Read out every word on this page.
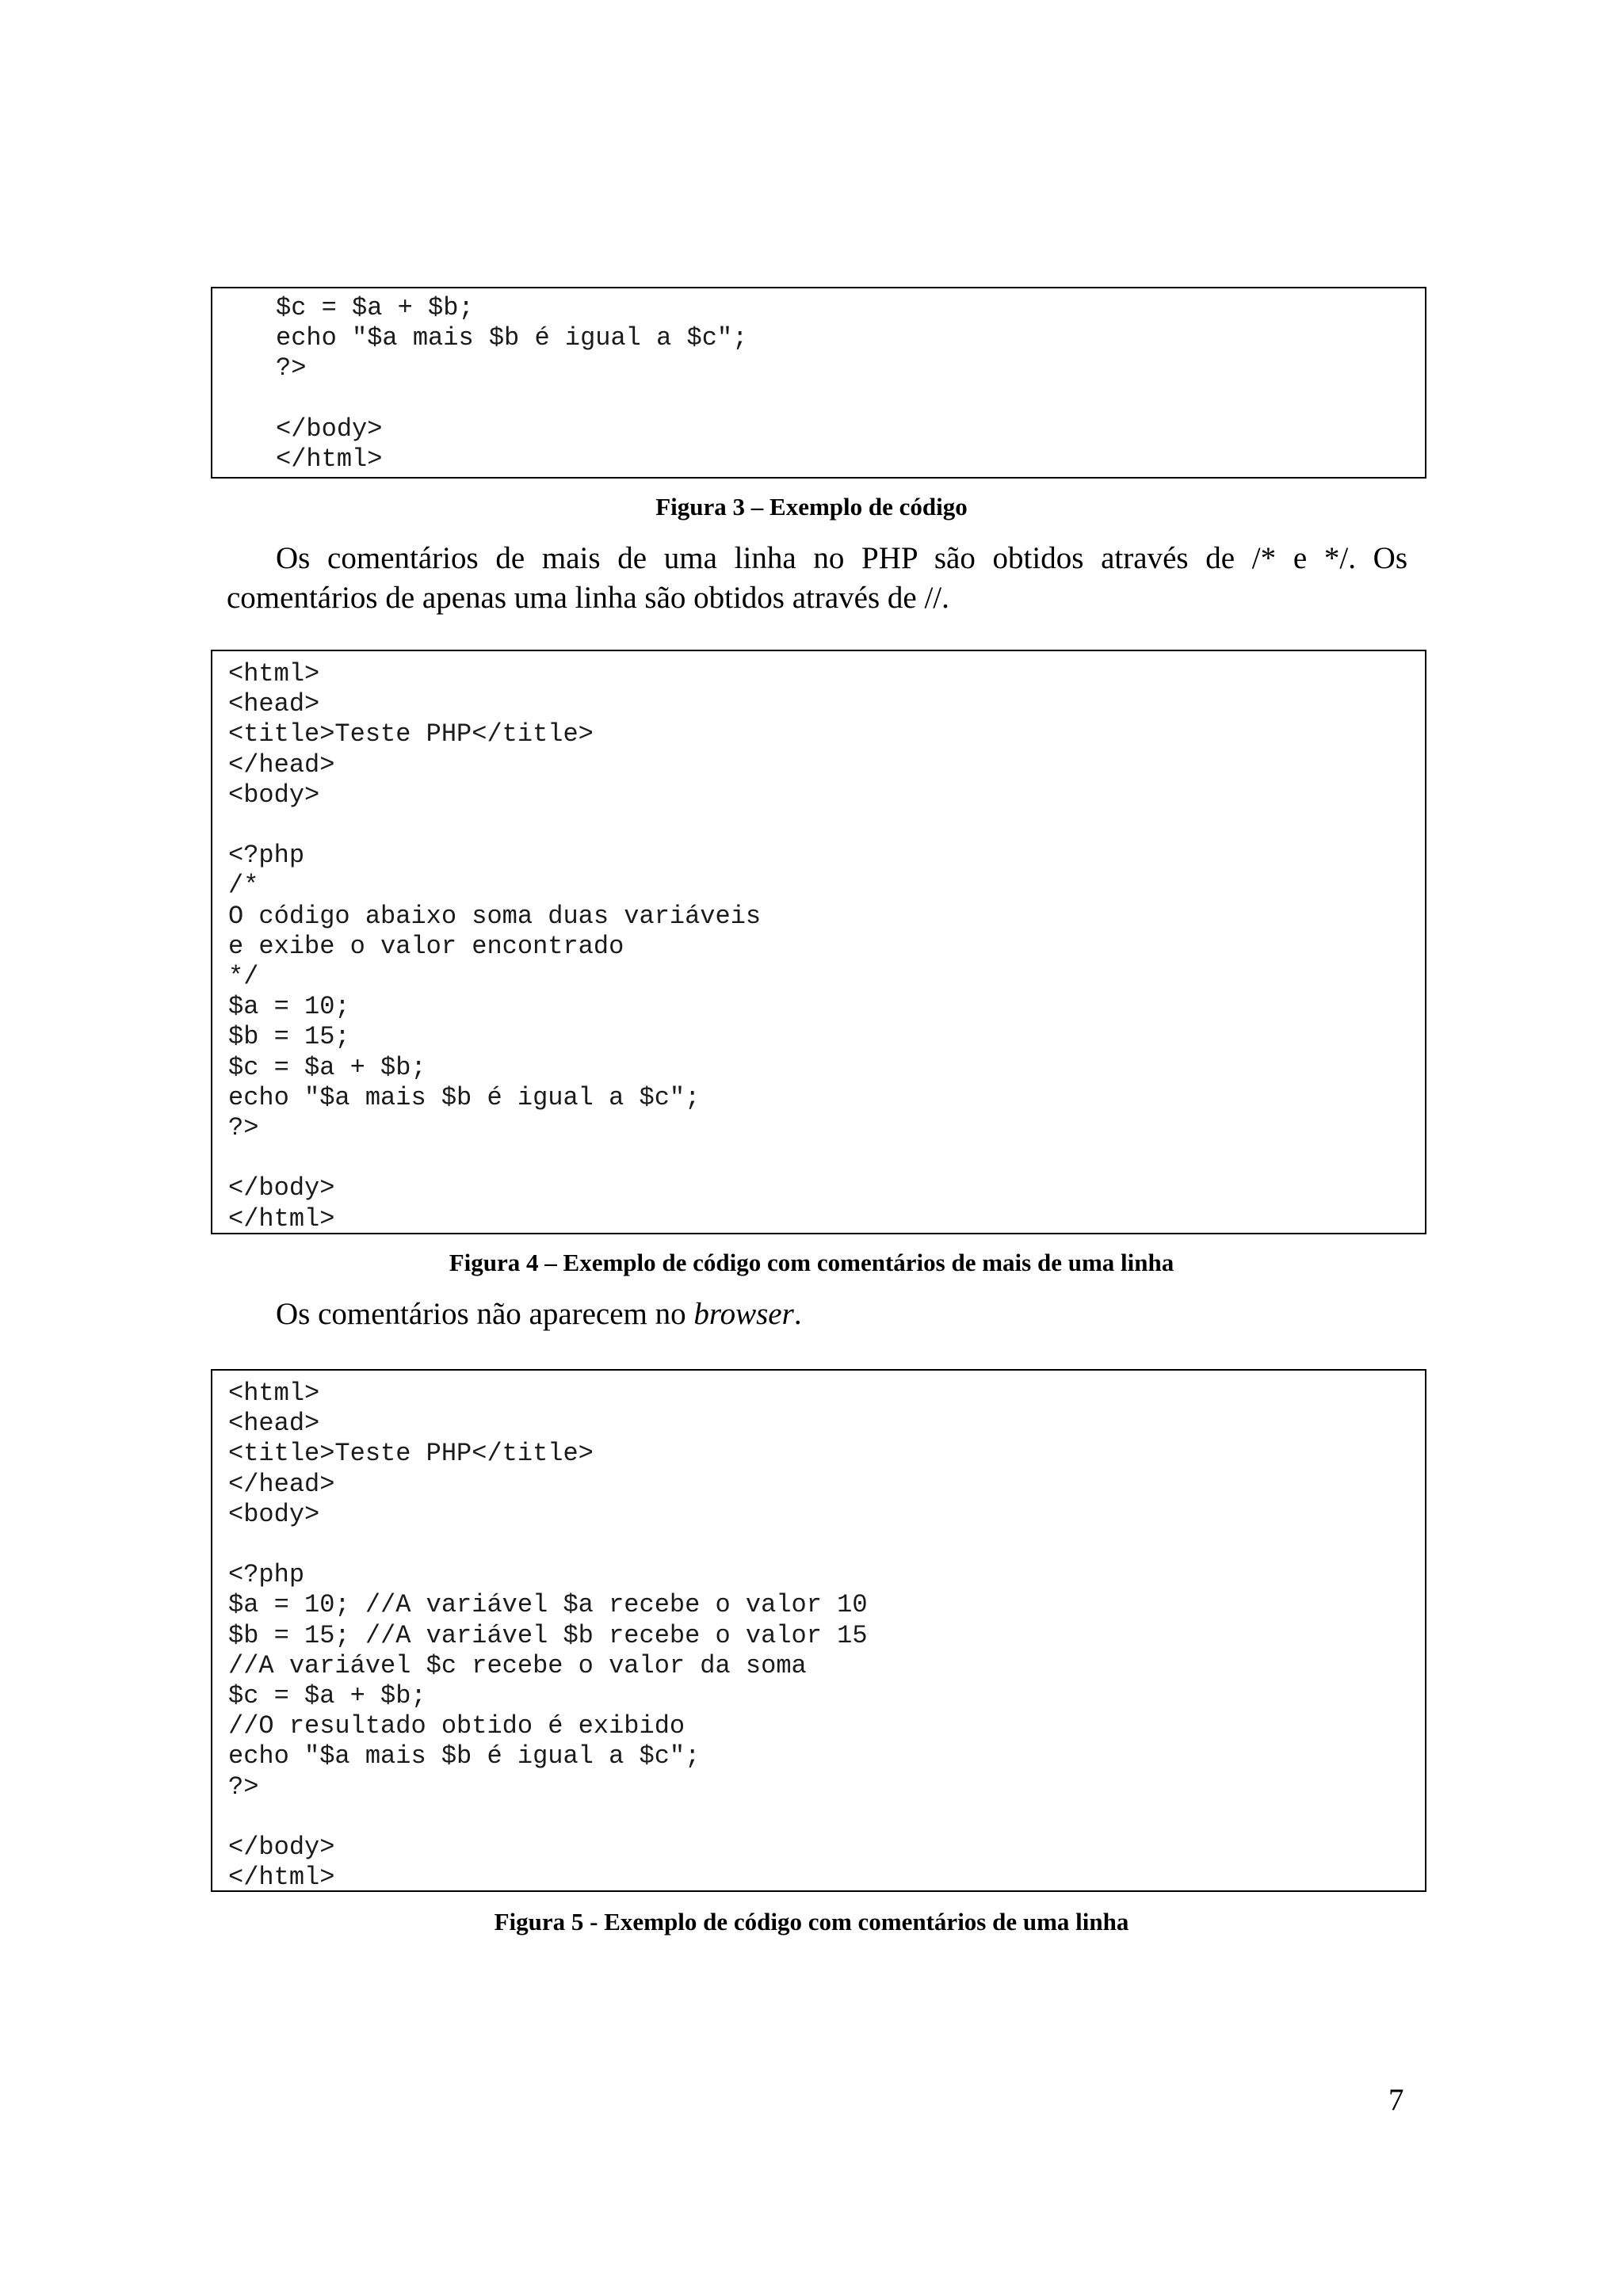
$c = $a + $b;
echo "$a mais $b é igual a $c";
?>

</body>
</html>
Figura 3 – Exemplo de código
Os comentários de mais de uma linha no PHP são obtidos através de /* e */. Os comentários de apenas uma linha são obtidos através de //.
<html>
<head>
<title>Teste PHP</title>
</head>
<body>

<?php
/*
O código abaixo soma duas variáveis
e exibe o valor encontrado
*/
$a = 10;
$b = 15;
$c = $a + $b;
echo "$a mais $b é igual a $c";
?>

</body>
</html>
Figura 4 – Exemplo de código com comentários de mais de uma linha
Os comentários não aparecem no browser.
<html>
<head>
<title>Teste PHP</title>
</head>
<body>

<?php
$a = 10; //A variável $a recebe o valor 10
$b = 15; //A variável $b recebe o valor 15
//A variável $c recebe o valor da soma
$c = $a + $b;
//O resultado obtido é exibido
echo "$a mais $b é igual a $c";
?>

</body>
</html>
Figura 5 - Exemplo de código com comentários de uma linha
7
